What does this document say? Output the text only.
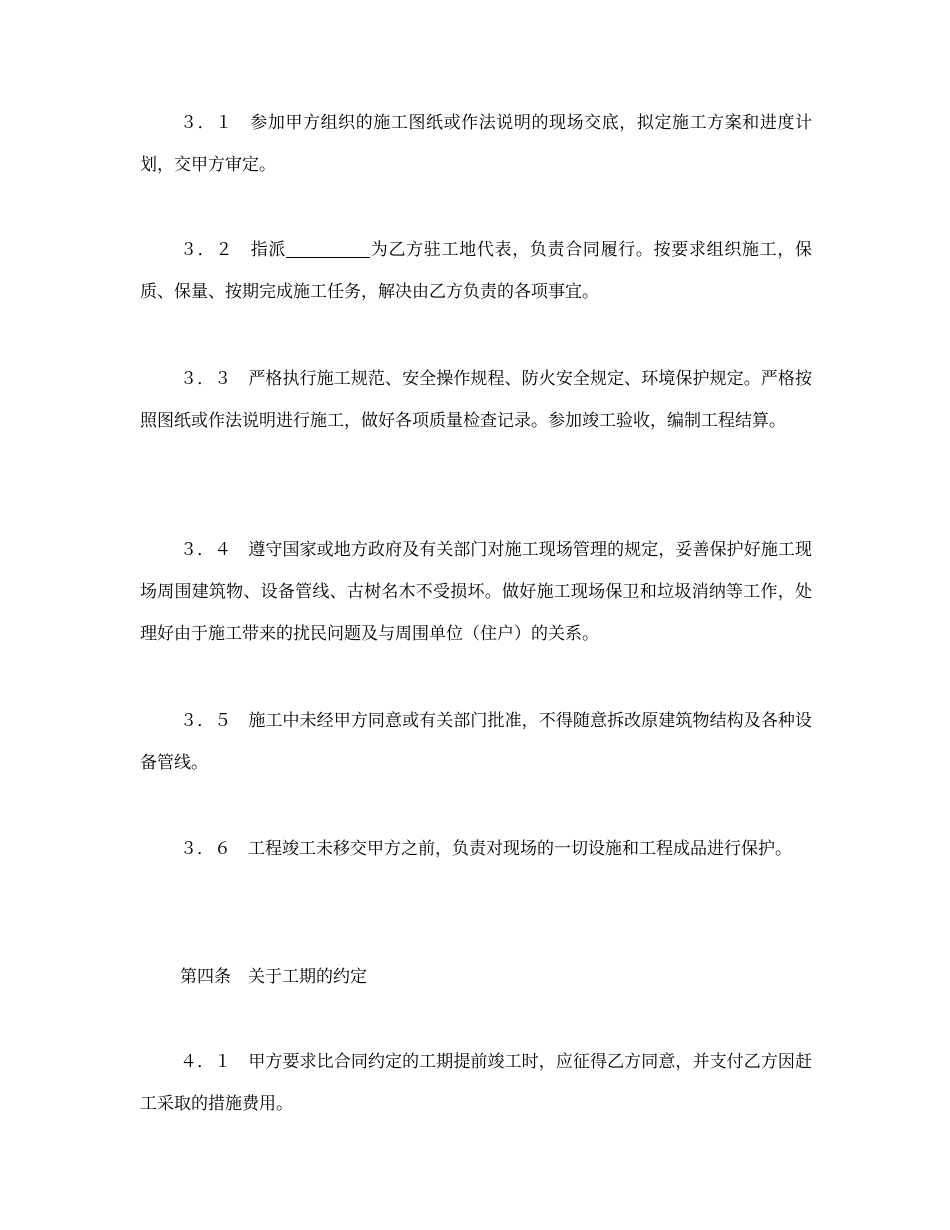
３．１　 参加甲方组织的施工图纸或作法说明的现场交底，拟定施工方案和进度计划，交甲方审定。

３．２　 指派	为乙方驻工地代表，负责合同履行。按要求组织施工，保质、保量、按期完成施工任务，解决由乙方负责的各项事宜。

３．３　 严格执行施工规范、安全操作规程、防火安全规定、环境保护规定。严格按照图纸或作法说明进行施工，做好各项质量检查记录。参加竣工验收，编制工程结算。

３．４　 遵守国家或地方政府及有关部门对施工现场管理的规定，妥善保护好施工现场周围建筑物、设备管线、古树名木不受损坏。做好施工现场保卫和垃圾消纳等工作，处理好由于施工带来的扰民问题及与周围单位（住户）的关系。

３．５　 施工中未经甲方同意或有关部门批准，不得随意拆改原建筑物结构及各种设备管线。

３．６　 工程竣工未移交甲方之前，负责对现场的一切设施和工程成品进行保护。

第四条　关于工期的约定

４．１　 甲方要求比合同约定的工期提前竣工时，应征得乙方同意，并支付乙方因赶工采取的措施费用。
